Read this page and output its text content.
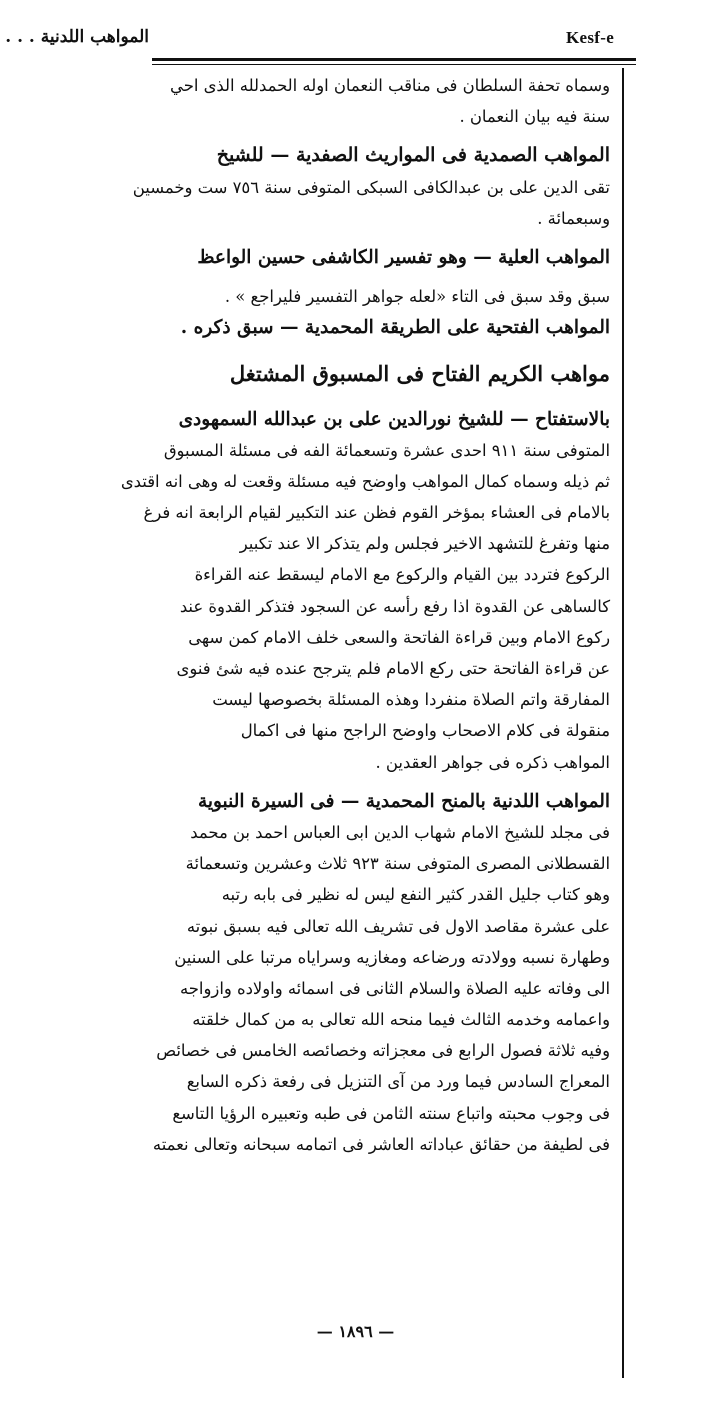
Kesf-e
المواهب اللدنية . . .
وسماه تحفة السلطان فى مناقب النعمان اوله الحمدلله الذى احي
سنة فيه بيان النعمان .
المواهب الصمدية فى المواريث الصفدية — للشيخ
تقى الدين على بن عبدالكافى السبكى المتوفى سنة ٧٥٦ ست وخمسين
وسبعمائة .
المواهب العلية — وهو تفسير الكاشفى حسين الواعظ
سبق وقد سبق فى التاء «لعله جواهر التفسير فليراجع » .
المواهب الفتحية على الطريقة المحمدية — سبق ذكره .
مواهب الكريم الفتاح فى المسبوق المشتغل
بالاستفتاح — للشيخ نورالدين على بن عبدالله السمهودى
المتوفى سنة ٩١١ احدى عشرة وتسعمائة الفه فى مسئلة المسبوق
ثم ذيله وسماه كمال المواهب واوضح فيه مسئلة وقعت له وهى انه اقتدى
بالامام فى العشاء بمؤخر القوم فظن عند التكبير لقيام الرابعة انه فرغ
منها وتفرغ للتشهد الاخير فجلس ولم يتذكر الا عند تكبير
الركوع فتردد بين القيام والركوع مع الامام ليسقط عنه القراءة
كالساهى عن القدوة اذا رفع رأسه عن السجود فتذكر القدوة عند
ركوع الامام وبين قراءة الفاتحة والسعى خلف الامام كمن سهى
عن قراءة الفاتحة حتى ركع الامام فلم يترجح عنده فيه شئ فنوى
المفارقة واتم الصلاة منفردا وهذه المسئلة بخصوصها ليست
منقولة فى كلام الاصحاب واوضح الراجح منها فى اكمال
المواهب ذكره فى جواهر العقدين .
المواهب اللدنية بالمنح المحمدية — فى السيرة النبوية
فى مجلد للشيخ الامام شهاب الدين ابى العباس احمد بن محمد
القسطلانى المصرى المتوفى سنة ٩٢٣ ثلاث وعشرين وتسعمائة
وهو كتاب جليل القدر كثير النفع ليس له نظير فى بابه رتبه
على عشرة مقاصد الاول فى تشريف الله تعالى فيه بسبق نبوته
وطهارة نسبه وولادته ورضاعه ومغازيه وسراياه مرتبا على السنين
الى وفاته عليه الصلاة والسلام الثانى فى اسمائه واولاده وازواجه
واعمامه وخدمه الثالث فيما منحه الله تعالى به من كمال خلقته
وفيه ثلاثة فصول الرابع فى معجزاته وخصائصه الخامس فى خصائص
المعراج السادس فيما ورد من آى التنزيل فى رفعة ذكره السابع
فى وجوب محبته واتباع سنته الثامن فى طبه وتعبيره الرؤيا التاسع
فى لطيفة من حقائق عباداته العاشر فى اتمامه سبحانه وتعالى نعمته
— ١٨٩٦ —
